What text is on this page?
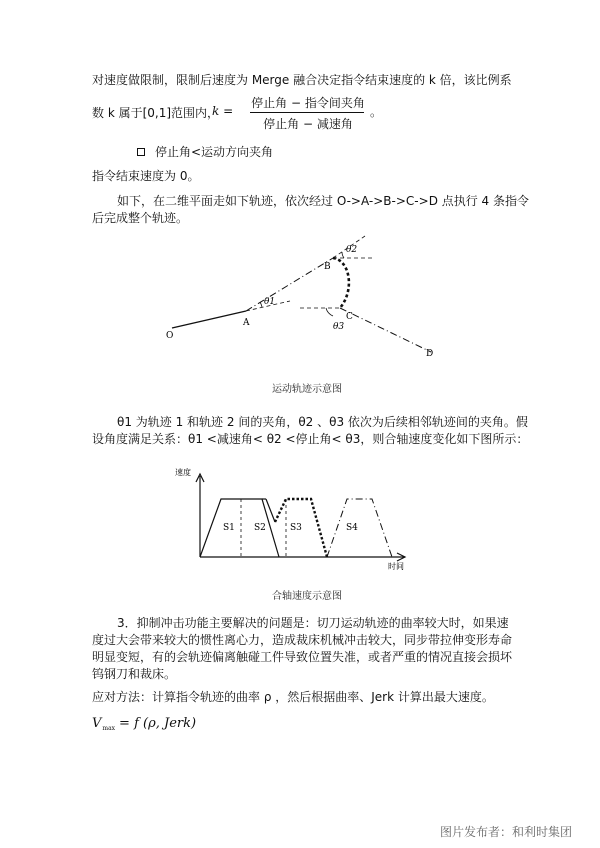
对速度做限制，限制后速度为 Merge 融合决定指令结束速度的 k 倍，该比例系
数 k 属于[0,1]范围内，
k =
停止角 − 指令间夹角
停止角 − 减速角
。
停止角<运动方向夹角
指令结束速度为 0。
如下，在二维平面走如下轨迹，依次经过 O->A->B->C->D 点执行 4 条指令
后完成整个轨迹。
O
A
B
C
D
θ1
θ2
θ3
运动轨迹示意图
θ1 为轨迹 1 和轨迹 2 间的夹角，θ2 、θ3 依次为后续相邻轨迹间的夹角。假
设角度满足关系：θ1 <减速角< θ2 <停止角< θ3，则合轴速度变化如下图所示：
速度
时间
S1 S2	S3	S4
合轴速度示意图
3．抑制冲击功能主要解决的问题是：切刀运动轨迹的曲率较大时，如果速
度过大会带来较大的惯性离心力，造成裁床机械冲击较大，同步带拉伸变形寿命
明显变短，有的会轨迹偏离触碰工件导致位置失准，或者严重的情况直接会损坏
钨钢刀和裁床。
应对方法：计算指令轨迹的曲率 ρ ，然后根据曲率、Jerk 计算出最大速度。
$V_{max} = f$ (ρ, Jerk)
图片发布者：和利时集团
